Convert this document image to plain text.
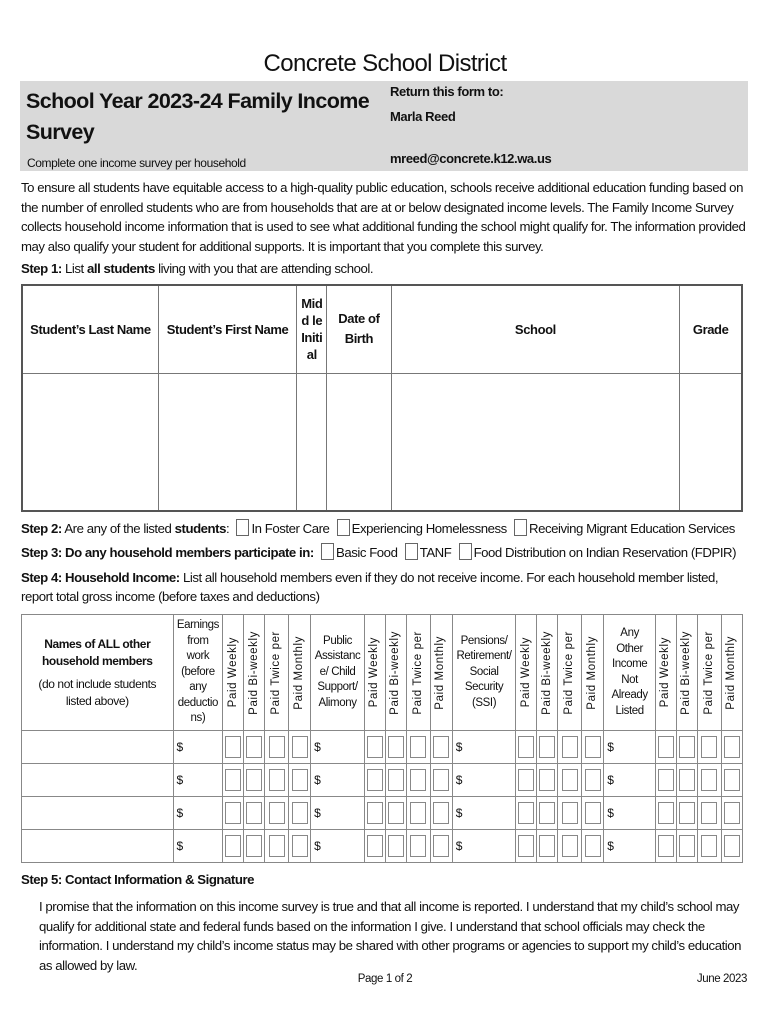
Concrete School District
School Year 2023-24 Family Income Survey
Complete one income survey per household
Return this form to:
Marla Reed
mreed@concrete.k12.wa.us
To ensure all students have equitable access to a high-quality public education, schools receive additional education funding based on the number of enrolled students who are from households that are at or below designated income levels. The Family Income Survey collects household income information that is used to see what additional funding the school might qualify for. The information provided may also qualify your student for additional supports. It is important that you complete this survey.
Step 1: List all students living with you that are attending school.
Student’s Last Name	Student’s First Name	Midd le Initi al	Date of Birth	School	Grade

Step 2: Are any of the listed students: In Foster Care Experiencing Homelessness Receiving Migrant Education Services
Step 3: Do any household members participate in: Basic Food TANF Food Distribution on Indian Reservation (FDPIR)
Step 4: Household Income: List all household members even if they do not receive income. For each household member listed, report total gross income (before taxes and deductions)
Names of ALL other household members
(do not include students listed above)	Earnings from work (before any deductions)	Paid Weekly	Paid Bi-weekly	Paid Twice per	Paid Monthly	Public Assistance/ Child Support/ Alimony	Paid Weekly	Paid Bi-weekly	Paid Twice per	Paid Monthly	Pensions/ Retirement/ Social Security (SSI)	Paid Weekly	Paid Bi-weekly	Paid Twice per	Paid Monthly	Any Other Income Not Already Listed	Paid Weekly	Paid Bi-weekly	Paid Twice per	Paid Monthly

	$					$					$					$	

	$					$					$					$	

	$					$					$					$	

	$					$					$					$	

Step 5: Contact Information & Signature
I promise that the information on this income survey is true and that all income is reported. I understand that my child’s school may qualify for additional state and federal funds based on the information I give. I understand that school officials may check the information. I understand my child’s income status may be shared with other programs or agencies to support my child’s education as allowed by law.
Page 1 of 2	June 2023
